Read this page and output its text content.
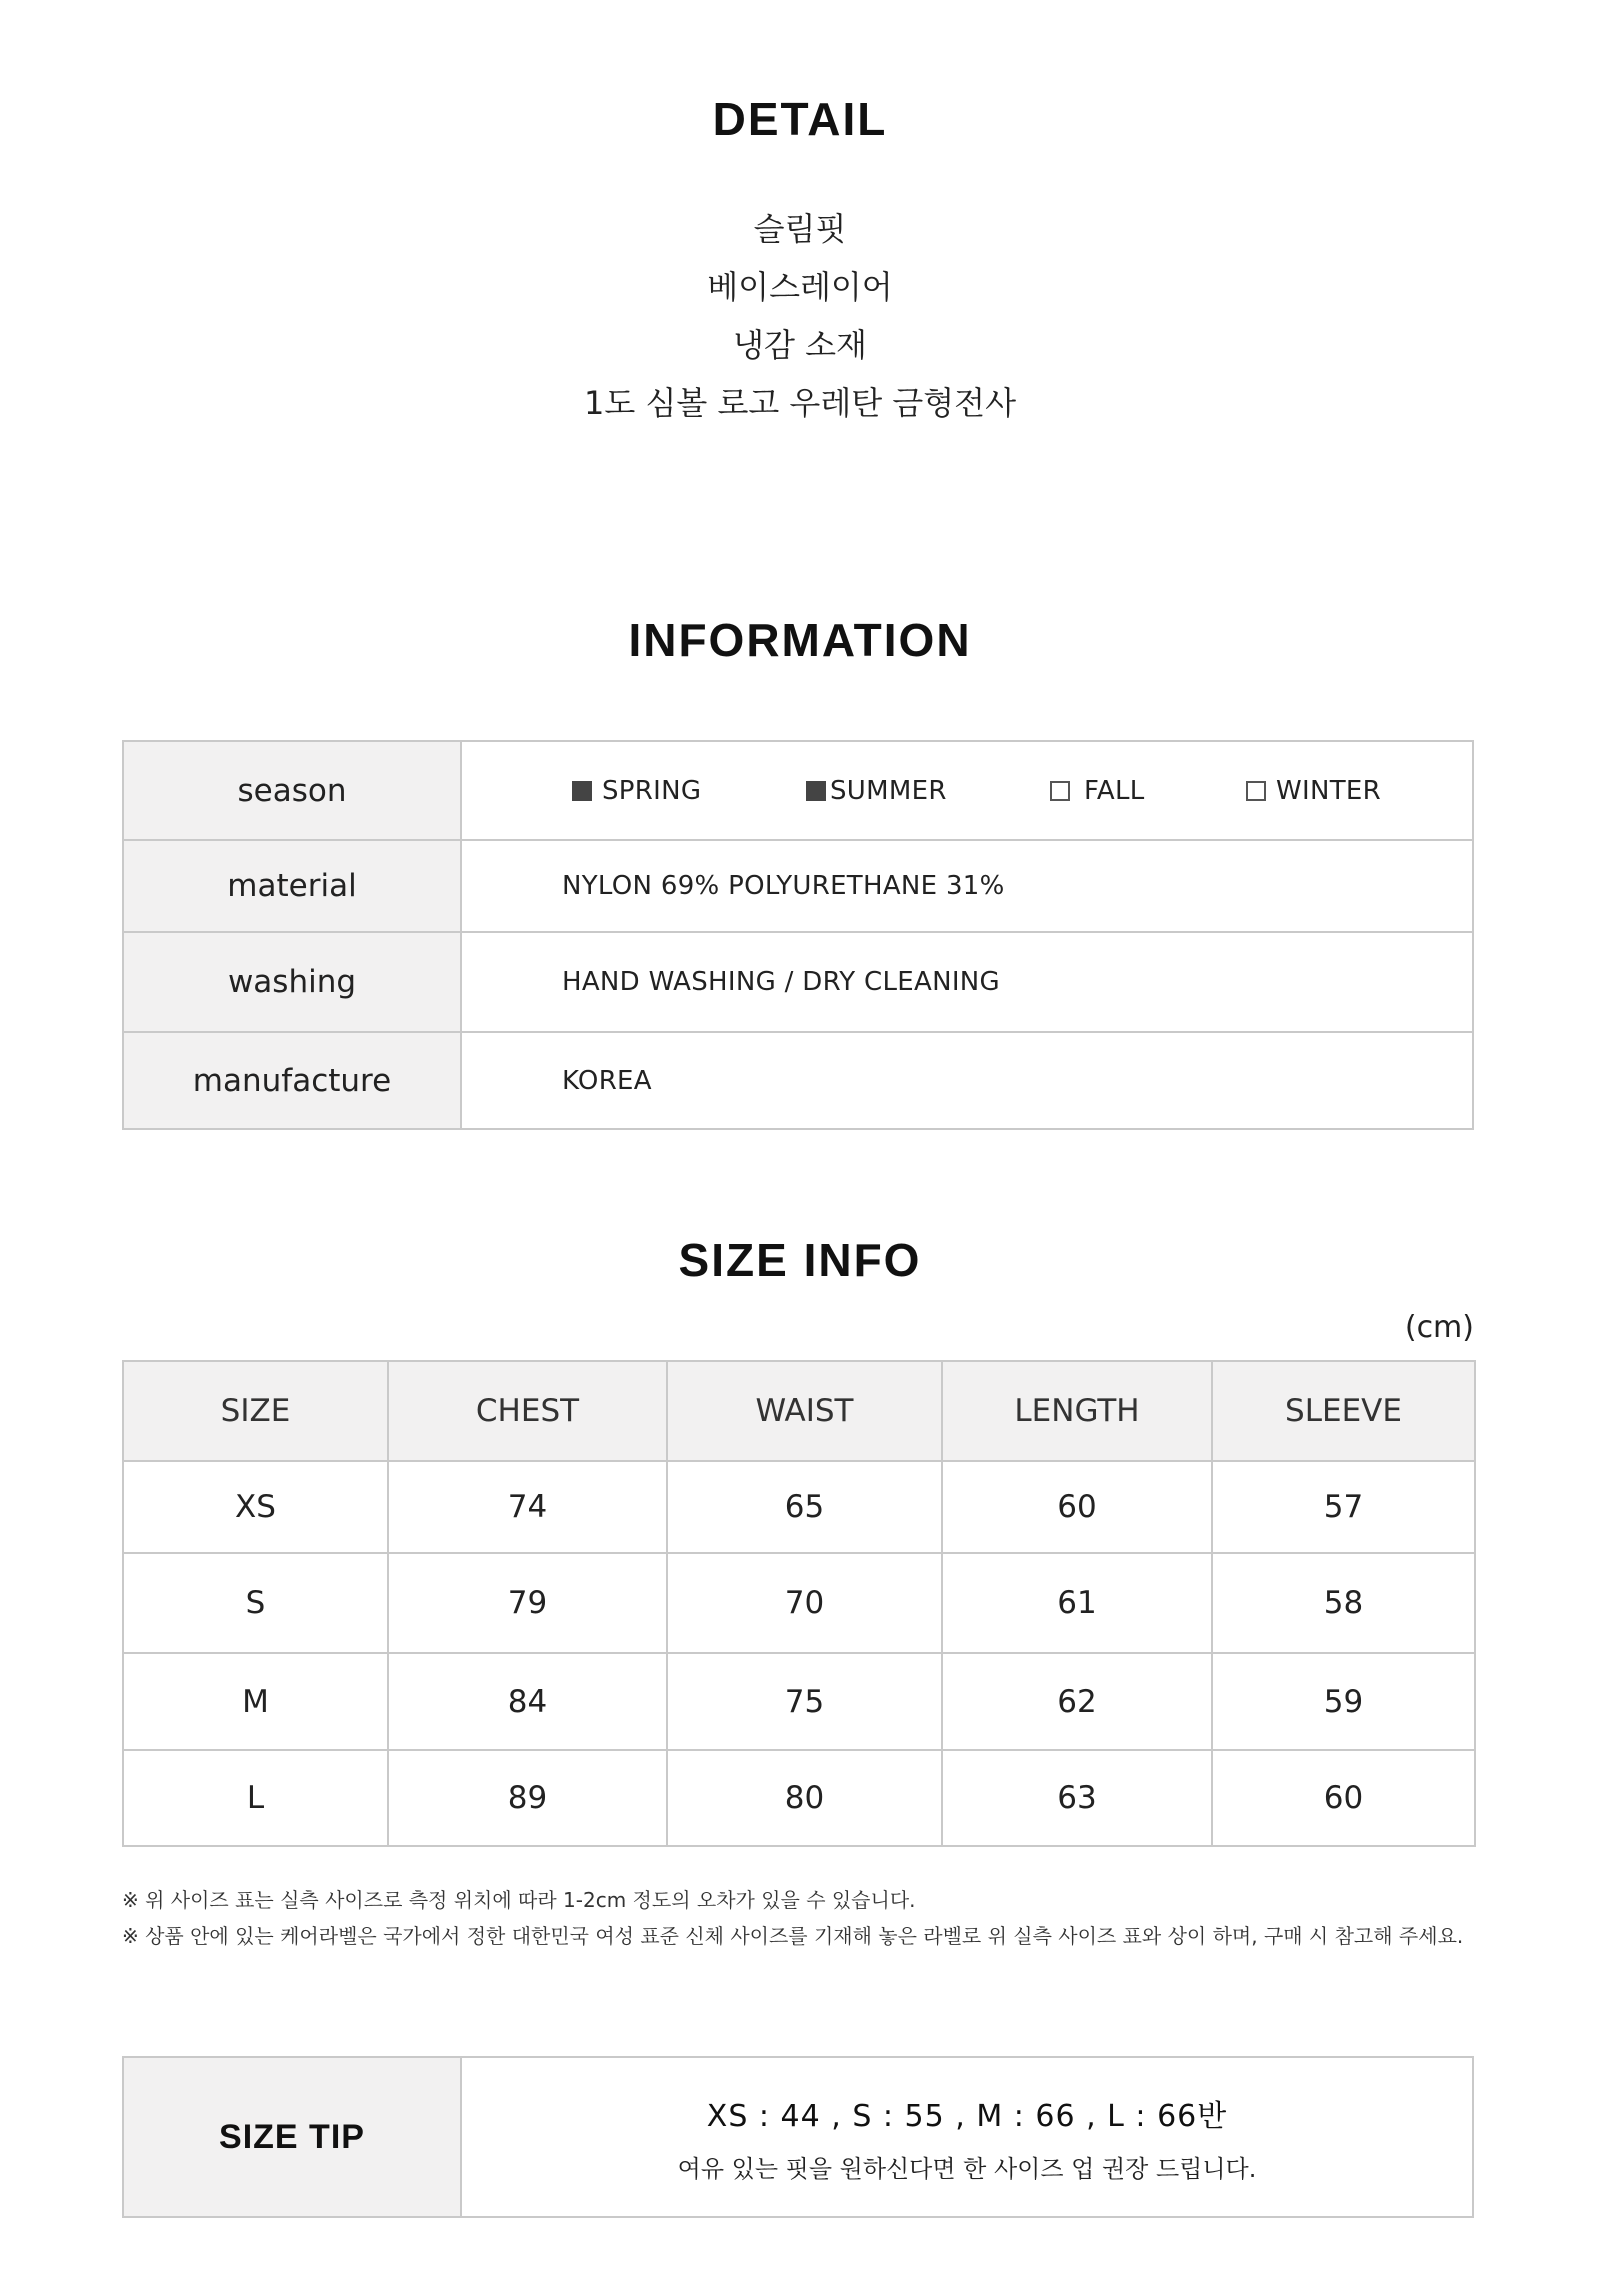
DETAIL
슬림핏
베이스레이어
냉감 소재
1도 심볼 로고 우레탄 금형전사
INFORMATION
season	SPRING SUMMER FALL WINTER

material	NYLON 69% POLYURETHANE 31%
washing	HAND WASHING / DRY CLEANING
manufacture	KOREA
SIZE INFO
(cm)
SIZE	CHEST	WAIST	LENGTH	SLEEVE
XS	74	65	60	57
S	79	70	61	58
M	84	75	62	59
L	89	80	63	60
※ 위 사이즈 표는 실측 사이즈로 측정 위치에 따라 1-2cm 정도의 오차가 있을 수 있습니다.
※ 상품 안에 있는 케어라벨은 국가에서 정한 대한민국 여성 표준 신체 사이즈를 기재해 놓은 라벨로 위 실측 사이즈 표와 상이 하며, 구매 시 참고해 주세요.
SIZE TIP	
XS : 44 , S : 55 , M : 66 , L : 66반
여유 있는 핏을 원하신다면 한 사이즈 업 권장 드립니다.
